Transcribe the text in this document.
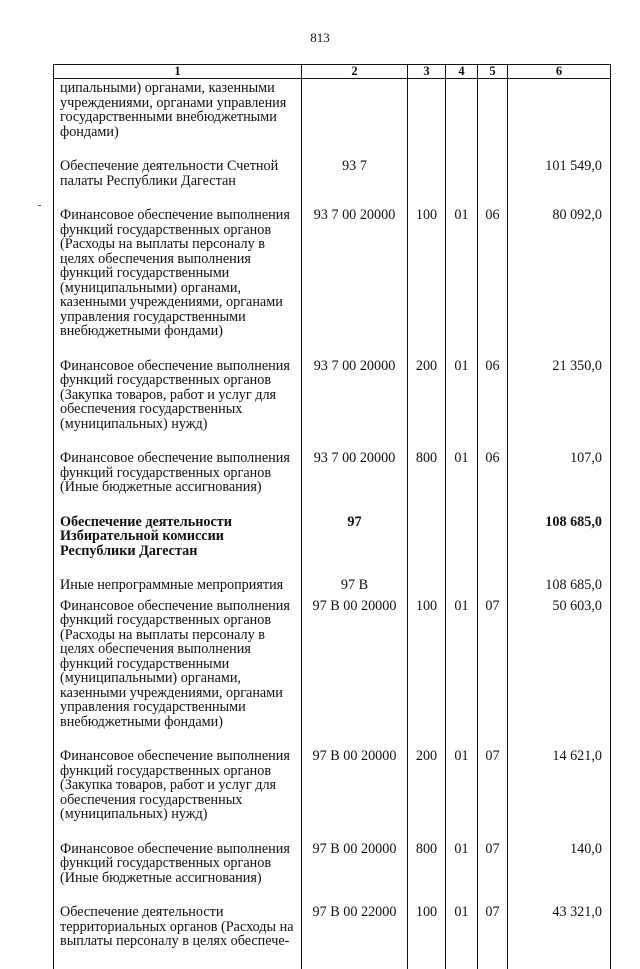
813
1	2	3	4	5	6
ципальными) органами, казенными учреждениями, органами управления государственными внебюджетными фондами)					
Обеспечение деятельности Счетной палаты Республики Дагестан	93 7				101 549,0
Финансовое обеспечение выполнения функций государственных органов (Расходы на выплаты персоналу в целях обеспечения выполнения функций государственными (муниципальными) органами, казенными учреждениями, органами управления государственными внебюджетными фондами)	93 7 00 20000	100	01	06	80 092,0
Финансовое обеспечение выполнения функций государственных органов (Закупка товаров, работ и услуг для обеспечения государственных (муниципальных) нужд)	93 7 00 20000	200	01	06	21 350,0
Финансовое обеспечение выполнения функций государственных органов (Иные бюджетные ассигнования)	93 7 00 20000	800	01	06	107,0
Обеспечение деятельности Избирательной комиссии Республики Дагестан	97				108 685,0
Иные непрограммные мепроприятия	97 В				108 685,0
Финансовое обеспечение выполнения функций государственных органов (Расходы на выплаты персоналу в целях обеспечения выполнения функций государственными (муниципальными) органами, казенными учреждениями, органами управления государственными внебюджетными фондами)	97 В 00 20000	100	01	07	50 603,0
Финансовое обеспечение выполнения функций государственных органов (Закупка товаров, работ и услуг для обеспечения государственных (муниципальных) нужд)	97 В 00 20000	200	01	07	14 621,0
Финансовое обеспечение выполнения функций государственных органов (Иные бюджетные ассигнования)	97 В 00 20000	800	01	07	140,0
Обеспечение деятельности территориальных органов (Расходы на выплаты персоналу в целях обеспече-	97 В 00 22000	100	01	07	43 321,0
